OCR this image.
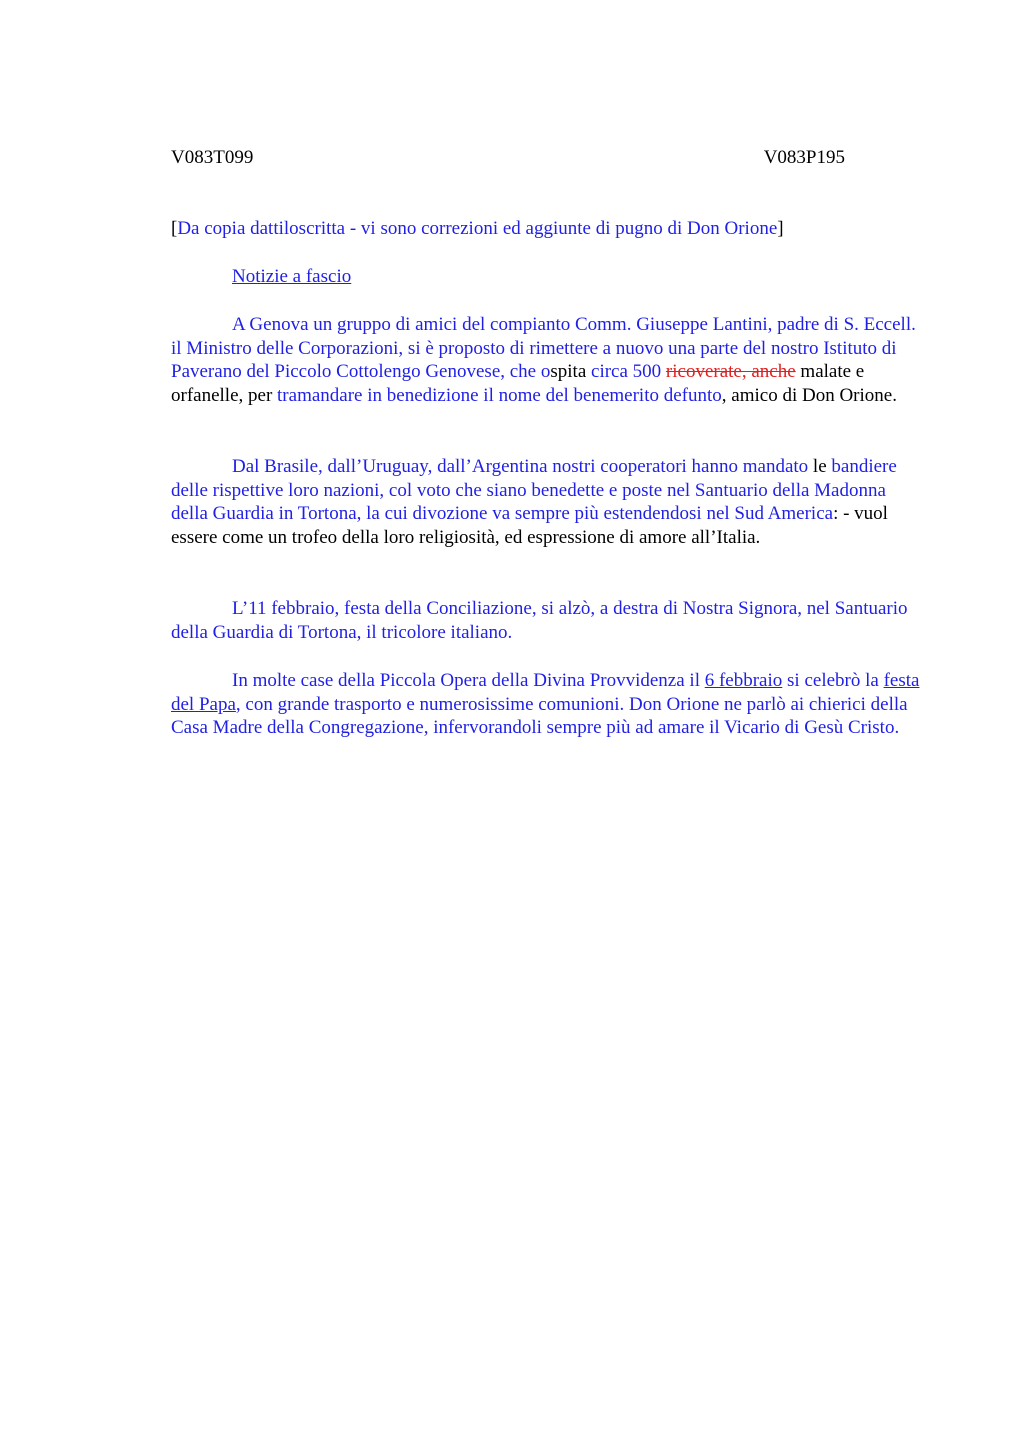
V083T099	V083P195

[Da copia dattiloscritta - vi sono correzioni ed aggiunte di pugno di Don Orione]

Notizie a fascio

A Genova un gruppo di amici del compianto Comm. Giuseppe Lantini, padre di S. Eccell. il Ministro delle Corporazioni, si è proposto di rimettere a nuovo una parte del nostro Istituto di Paverano del Piccolo Cottolengo Genovese, che ospita circa 500 ricoverate, anche malate e orfanelle, per tramandare in benedizione il nome del benemerito defunto, amico di Don Orione.

Dal Brasile, dall’Uruguay, dall’Argentina nostri cooperatori hanno mandato le bandiere delle rispettive loro nazioni, col voto che siano benedette e poste nel Santuario della Madonna della Guardia in Tortona, la cui divozione va sempre più estendendosi nel Sud America: - vuol essere come un trofeo della loro religiosità, ed espressione di amore all’Italia.

L’11 febbraio, festa della Conciliazione, si alzò, a destra di Nostra Signora, nel Santuario della Guardia di Tortona, il tricolore italiano.

In molte case della Piccola Opera della Divina Provvidenza il 6 febbraio si celebrò la festa del Papa, con grande trasporto e numerosissime comunioni. Don Orione ne parlò ai chierici della Casa Madre della Congregazione, infervorandoli sempre più ad amare il Vicario di Gesù Cristo.
